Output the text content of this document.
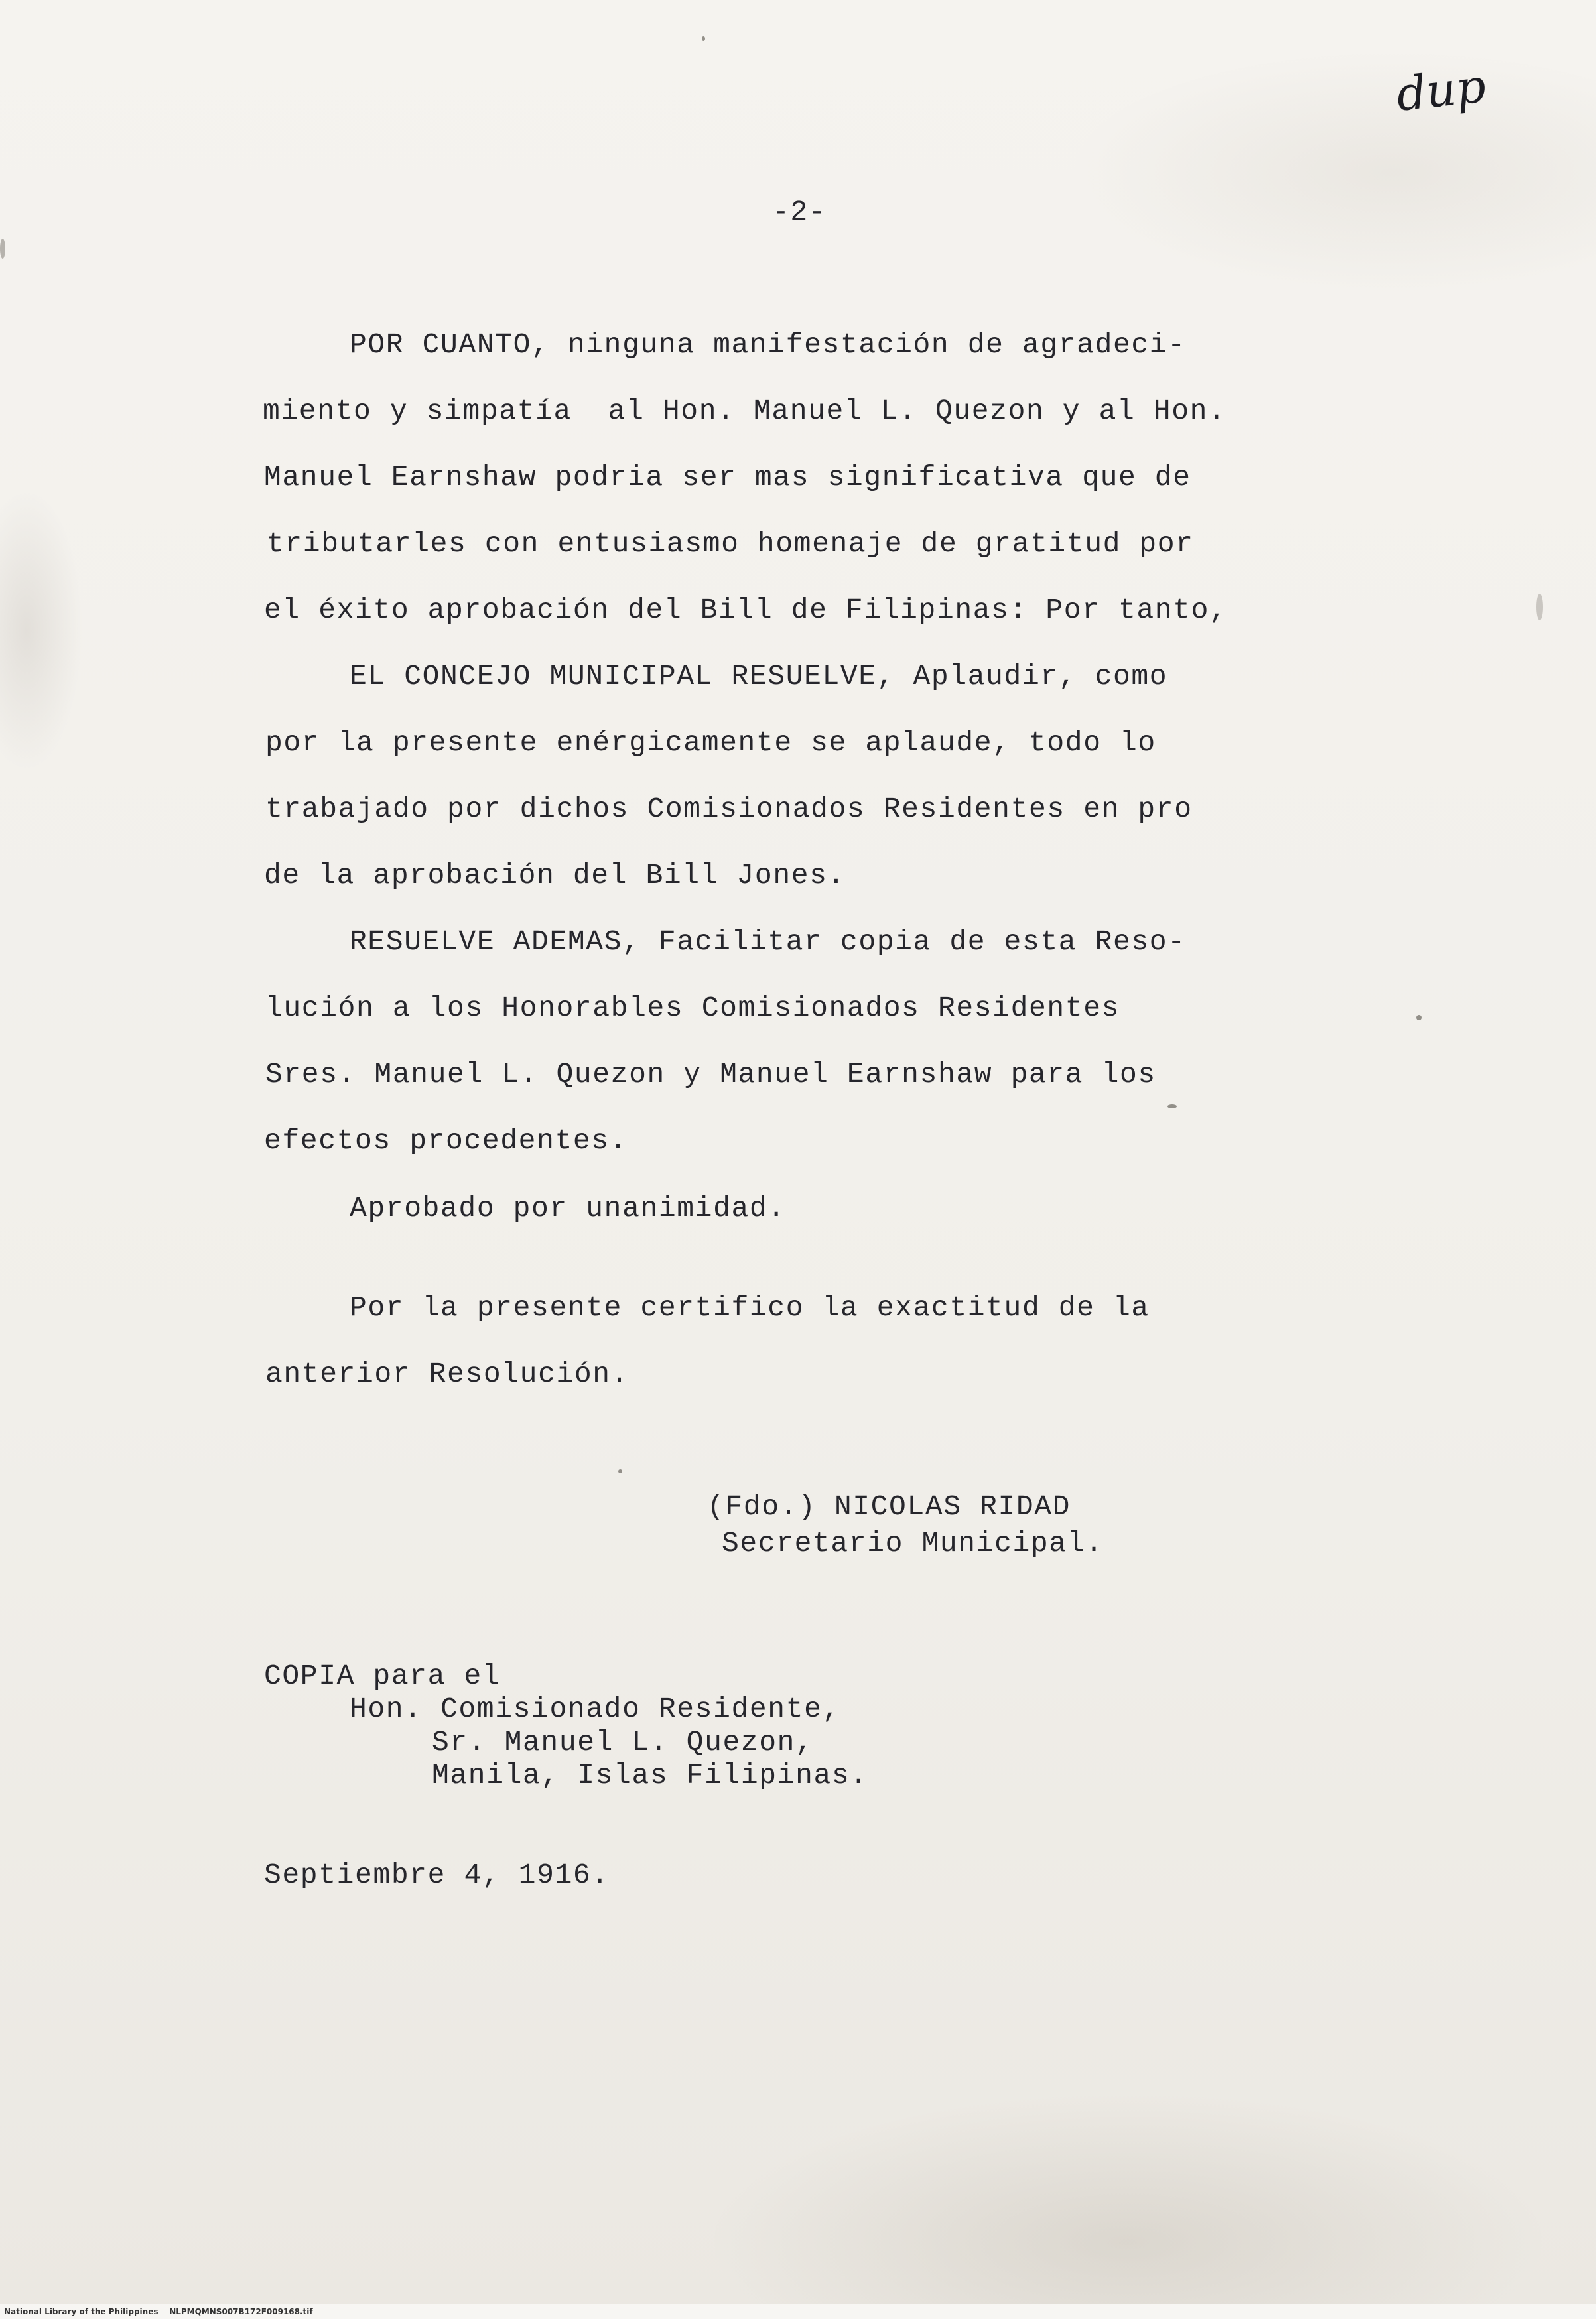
dup
-2-
POR CUANTO, ninguna manifestación de agradeci-
miento y simpatía  al Hon. Manuel L. Quezon y al Hon.
Manuel Earnshaw podria ser mas significativa que de
tributarles con entusiasmo homenaje de gratitud por
el éxito aprobación del Bill de Filipinas: Por tanto,
EL CONCEJO MUNICIPAL RESUELVE, Aplaudir, como
por la presente enérgicamente se aplaude, todo lo
trabajado por dichos Comisionados Residentes en pro
de la aprobación del Bill Jones.
RESUELVE ADEMAS, Facilitar copia de esta Reso-
lución a los Honorables Comisionados Residentes
Sres. Manuel L. Quezon y Manuel Earnshaw para los
efectos procedentes.
Aprobado por unanimidad.
Por la presente certifico la exactitud de la
anterior Resolución.
(Fdo.) NICOLAS RIDAD
Secretario Municipal.
COPIA para el
Hon. Comisionado Residente,
Sr. Manuel L. Quezon,
Manila, Islas Filipinas.
Septiembre 4, 1916.
National Library of the Philippines    NLPMQMNS007B172F009168.tif
